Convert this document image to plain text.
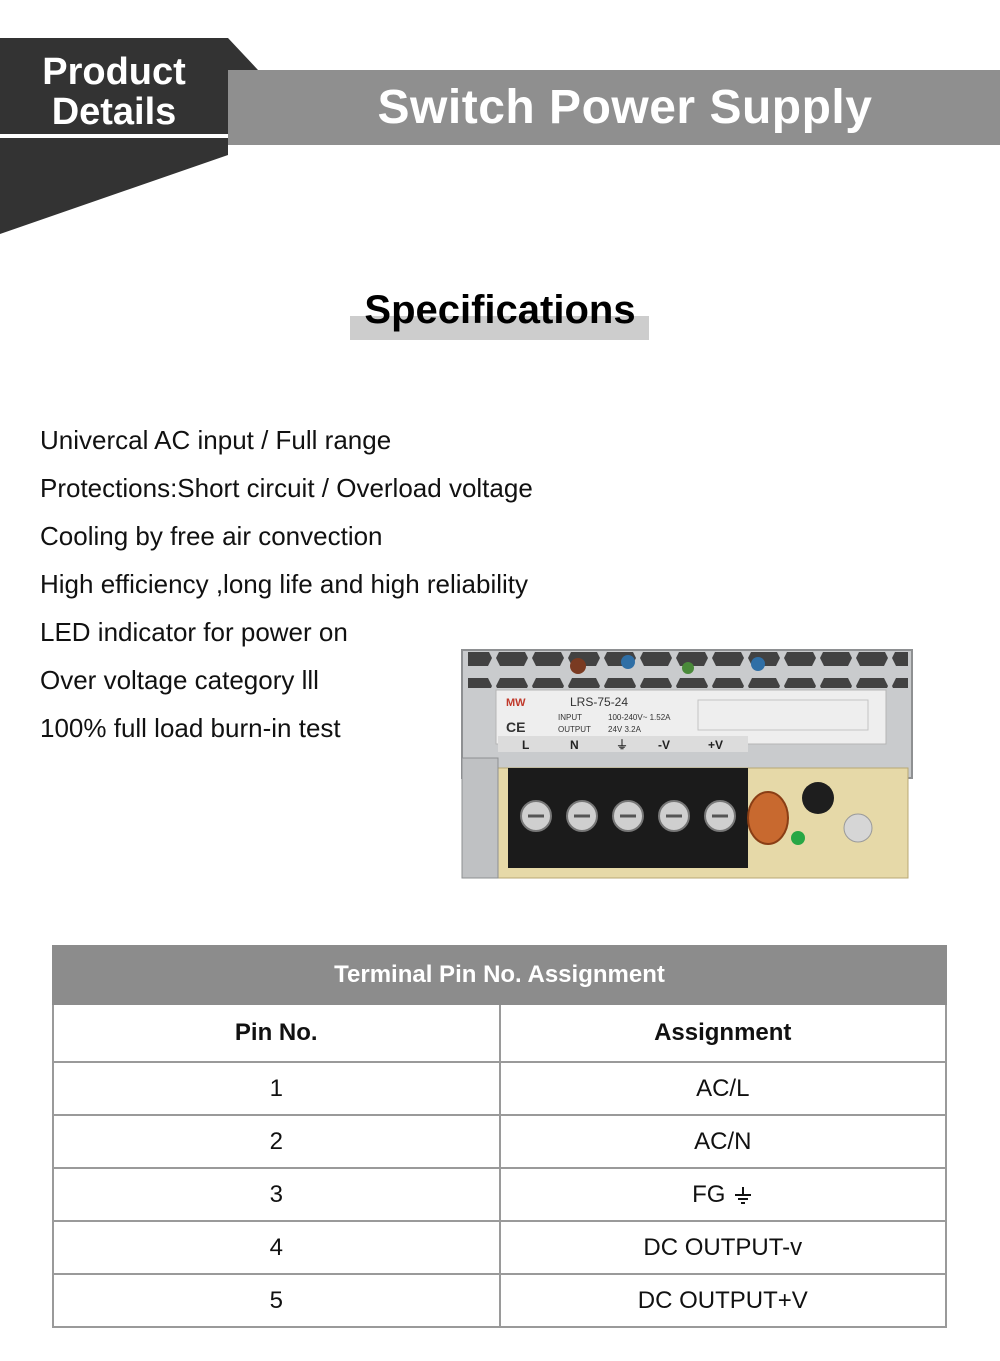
Switch Power Supply
Product
Details
Specifications
Univercal AC input / Full range
Protections:Short circuit / Overload voltage
Cooling by free air convection
High efficiency ,long life and high reliability
LED indicator for power on
Over voltage category lll
100% full load burn-in test
MW	LRS-75-24
INPUT	100-240V~ 1.52A
OUTPUT 24V 3.2A
CE
L	N	⏚ -V	+V
Terminal Pin No. Assignment	
Pin No.	Assignment
1	AC/L
2	AC/N
3	FG
4	DC OUTPUT-v
5	DC OUTPUT+V
